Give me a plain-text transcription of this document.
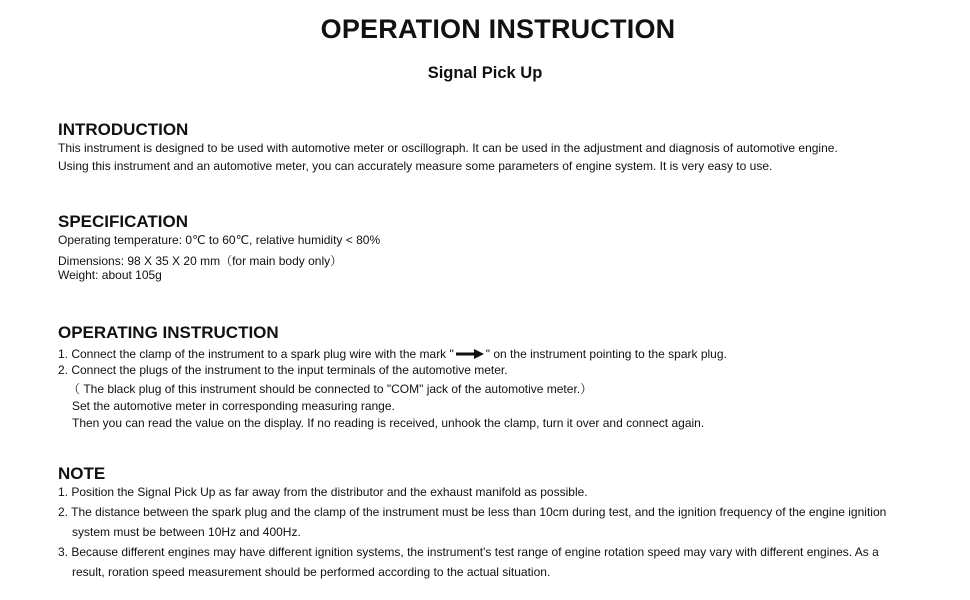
OPERATION INSTRUCTION
Signal Pick Up
INTRODUCTION

This instrument is designed to be used with automotive meter or oscillograph. It can be used in the adjustment and diagnosis of automotive engine.

Using this instrument and an automotive meter, you can accurately measure some parameters of engine system. It is very easy to use.

SPECIFICATION

Operating temperature: 0℃ to 60℃, relative humidity < 80%

Dimensions: 98 X 35 X 20 mm（for main body only）

Weight: about 105g

OPERATING INSTRUCTION

1. Connect the clamp of the instrument to a spark plug wire with the mark "	" on the instrument pointing to the spark plug.

2. Connect the plugs of the instrument to the input terminals of the automotive meter.

（ The black plug of this instrument should be connected to "COM" jack of the automotive meter.）

Set the automotive meter in corresponding measuring range.

Then you can read the value on the display. If no reading is received, unhook the clamp, turn it over and connect again.

NOTE

1. Position the Signal Pick Up as far away from the distributor and the exhaust manifold as possible.

2. The distance between the spark plug and the clamp of the instrument must be less than 10cm during test, and the ignition frequency of the engine ignition

system must be between 10Hz and 400Hz.

3. Because different engines may have different ignition systems, the instrument's test range of engine rotation speed may vary with different engines. As a

result, roration speed measurement should be performed according to the actual situation.
